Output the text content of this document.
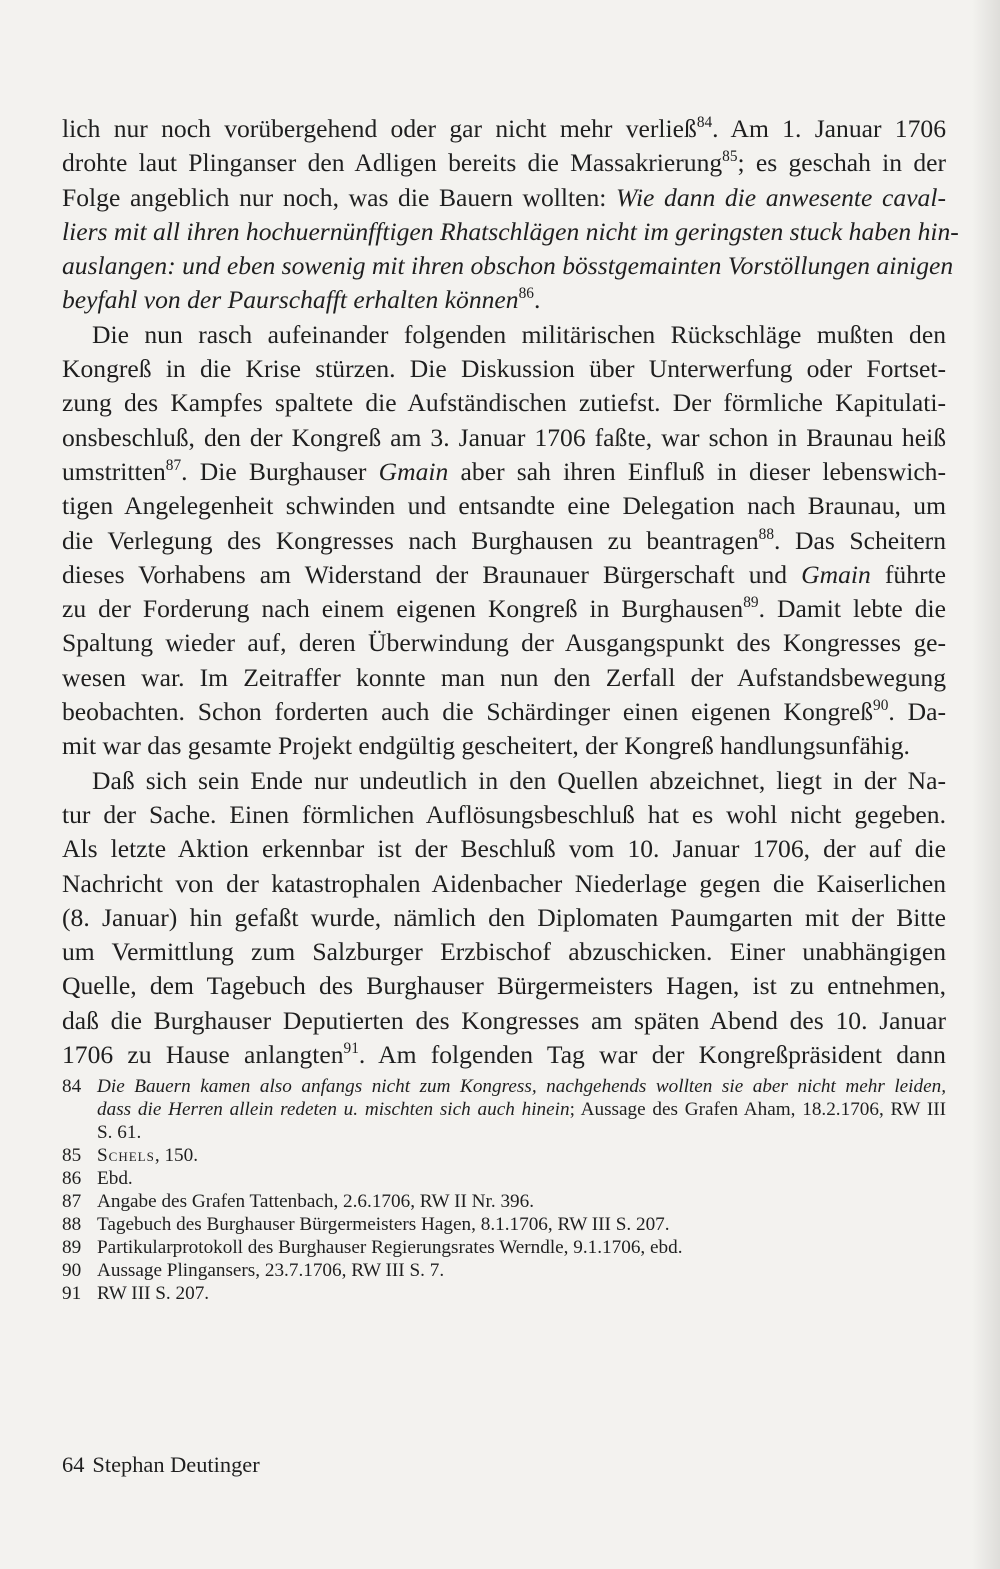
lich nur noch vorübergehend oder gar nicht mehr verließ$^{84}$. Am 1. Januar 1706
drohte laut Plinganser den Adligen bereits die Massakrierung$^{85}$; es geschah in der
Folge angeblich nur noch, was die Bauern wollten: Wie dann die anwesente caval-
liers mit all ihren hochuernünfftigen Rhatschlägen nicht im geringsten stuck haben hin-
auslangen: und eben sowenig mit ihren obschon bösstgemainten Vorstöllungen ainigen
beyfahl von der Paurschafft erhalten können$^{86}$.
Die nun rasch aufeinander folgenden militärischen Rückschläge mußten den
Kongreß in die Krise stürzen. Die Diskussion über Unterwerfung oder Fortset-
zung des Kampfes spaltete die Aufständischen zutiefst. Der förmliche Kapitulati-
onsbeschluß, den der Kongreß am 3. Januar 1706 faßte, war schon in Braunau heiß
umstritten$^{87}$. Die Burghauser Gmain aber sah ihren Einfluß in dieser lebenswich-
tigen Angelegenheit schwinden und entsandte eine Delegation nach Braunau, um
die Verlegung des Kongresses nach Burghausen zu beantragen$^{88}$. Das Scheitern
dieses Vorhabens am Widerstand der Braunauer Bürgerschaft und Gmain führte
zu der Forderung nach einem eigenen Kongreß in Burghausen$^{89}$. Damit lebte die
Spaltung wieder auf, deren Überwindung der Ausgangspunkt des Kongresses ge-
wesen war. Im Zeitraffer konnte man nun den Zerfall der Aufstandsbewegung
beobachten. Schon forderten auch die Schärdinger einen eigenen Kongreß$^{90}$. Da-
mit war das gesamte Projekt endgültig gescheitert, der Kongreß handlungsunfähig.
Daß sich sein Ende nur undeutlich in den Quellen abzeichnet, liegt in der Na-
tur der Sache. Einen förmlichen Auflösungsbeschluß hat es wohl nicht gegeben.
Als letzte Aktion erkennbar ist der Beschluß vom 10. Januar 1706, der auf die
Nachricht von der katastrophalen Aidenbacher Niederlage gegen die Kaiserlichen
(8. Januar) hin gefaßt wurde, nämlich den Diplomaten Paumgarten mit der Bitte
um Vermittlung zum Salzburger Erzbischof abzuschicken. Einer unabhängigen
Quelle, dem Tagebuch des Burghauser Bürgermeisters Hagen, ist zu entnehmen,
daß die Burghauser Deputierten des Kongresses am späten Abend des 10. Januar
1706 zu Hause anlangten$^{91}$. Am folgenden Tag war der Kongreßpräsident dann
84 Die Bauern kamen also anfangs nicht zum Kongress, nachgehends wollten sie aber nicht mehr leiden,
dass die Herren allein redeten u. mischten sich auch hinein; Aussage des Grafen Aham, 18.2.1706, RW III
S. 61.
85 Schels, 150.
86 Ebd.
87 Angabe des Grafen Tattenbach, 2.6.1706, RW II Nr. 396.
88 Tagebuch des Burghauser Bürgermeisters Hagen, 8.1.1706, RW III S. 207.
89 Partikularprotokoll des Burghauser Regierungsrates Werndle, 9.1.1706, ebd.
90 Aussage Plingansers, 23.7.1706, RW III S. 7.
91 RW III S. 207.
64 Stephan Deutinger
